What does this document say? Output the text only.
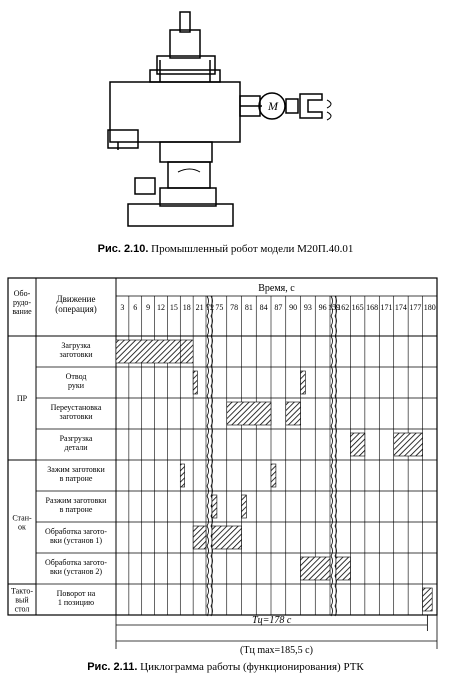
M
Рис. 2.10. Промышленный робот модели М20П.40.01
Обо-рудо-вание
Движение (операция)
Время, с
3 6 9 12 15 18 21 72 75 78 81 84 87 90 93 96 159
162 165 168 171 174 177 180
Загрузка заготовки
Отвод руки
Переустановка заготовки
Разгрузка детали
Зажим заготовки в патроне
Разжим заготовки в патроне
Обработка загото-вки (установ 1)
Обработка загото-вки (установ 2)
Поворот на 1 позицию
ПР
Стан-ок
Такто-вый стол
Tц=178 с
(Tц max=185,5 с)
Рис. 2.11. Циклограмма работы (функционирования) РТК
